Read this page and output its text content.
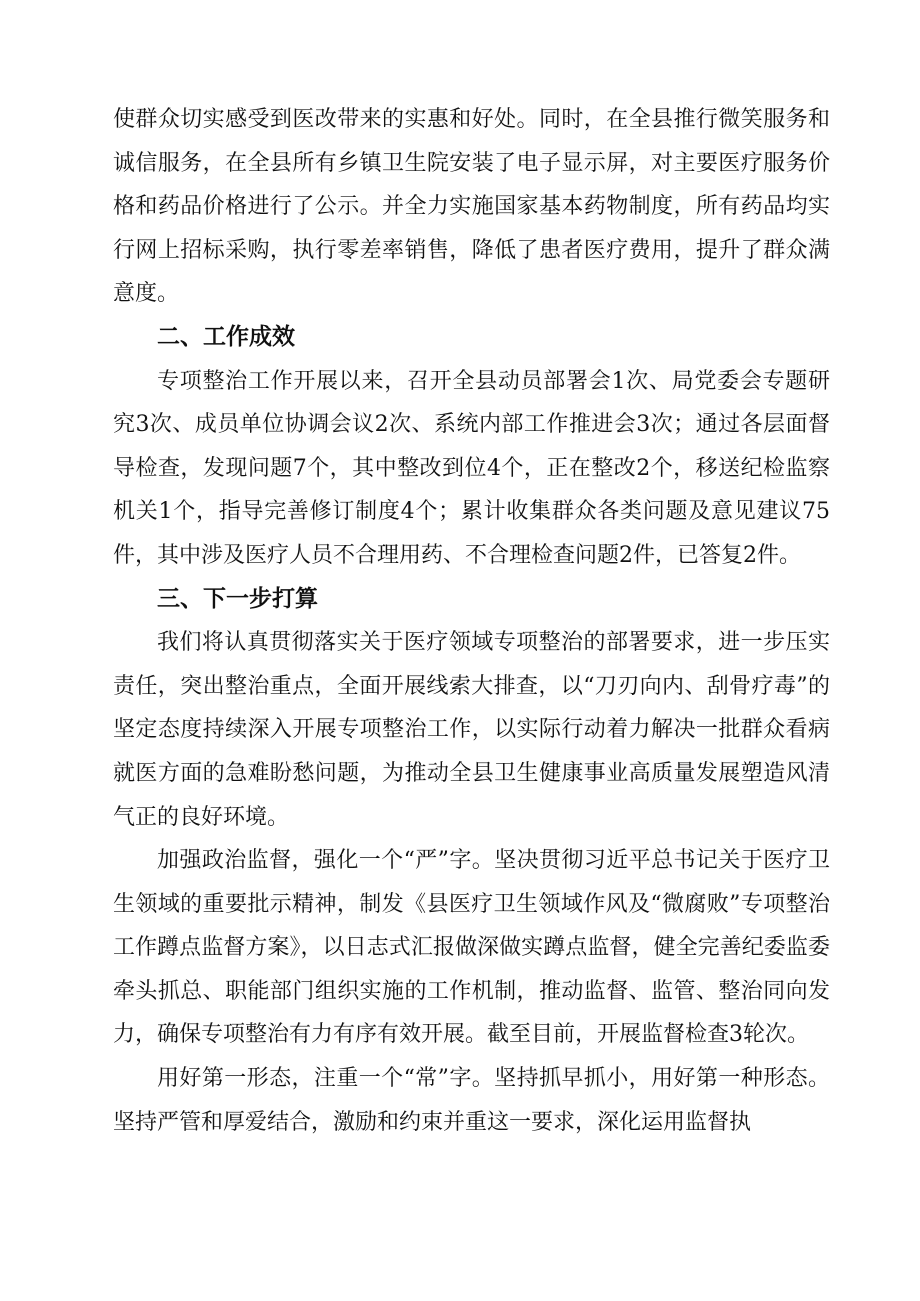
使群众切实感受到医改带来的实惠和好处。同时，在全县推行微笑服务和诚信服务，在全县所有乡镇卫生院安装了电子显示屏，对主要医疗服务价格和药品价格进行了公示。并全力实施国家基本药物制度，所有药品均实行网上招标采购，执行零差率销售，降低了患者医疗费用，提升了群众满意度。

二、工作成效

专项整治工作开展以来，召开全县动员部署会1次、局党委会专题研究3次、成员单位协调会议2次、系统内部工作推进会3次；通过各层面督导检查，发现问题7个，其中整改到位4个，正在整改2个，移送纪检监察机关1个，指导完善修订制度4个；累计收集群众各类问题及意见建议75件，其中涉及医疗人员不合理用药、不合理检查问题2件，已答复2件。

三、下一步打算

我们将认真贯彻落实关于医疗领域专项整治的部署要求，进一步压实责任，突出整治重点，全面开展线索大排查，以“刀刃向内、刮骨疗毒”的坚定态度持续深入开展专项整治工作，以实际行动着力解决一批群众看病就医方面的急难盼愁问题，为推动全县卫生健康事业高质量发展塑造风清气正的良好环境。

加强政治监督，强化一个“严”字。坚决贯彻习近平总书记关于医疗卫生领域的重要批示精神，制发《县医疗卫生领域作风及“微腐败”专项整治工作蹲点监督方案》，以日志式汇报做深做实蹲点监督，健全完善纪委监委牵头抓总、职能部门组织实施的工作机制，推动监督、监管、整治同向发力，确保专项整治有力有序有效开展。截至目前，开展监督检查3轮次。

用好第一形态，注重一个“常”字。坚持抓早抓小，用好第一种形态。坚持严管和厚爱结合，激励和约束并重这一要求，深化运用监督执
